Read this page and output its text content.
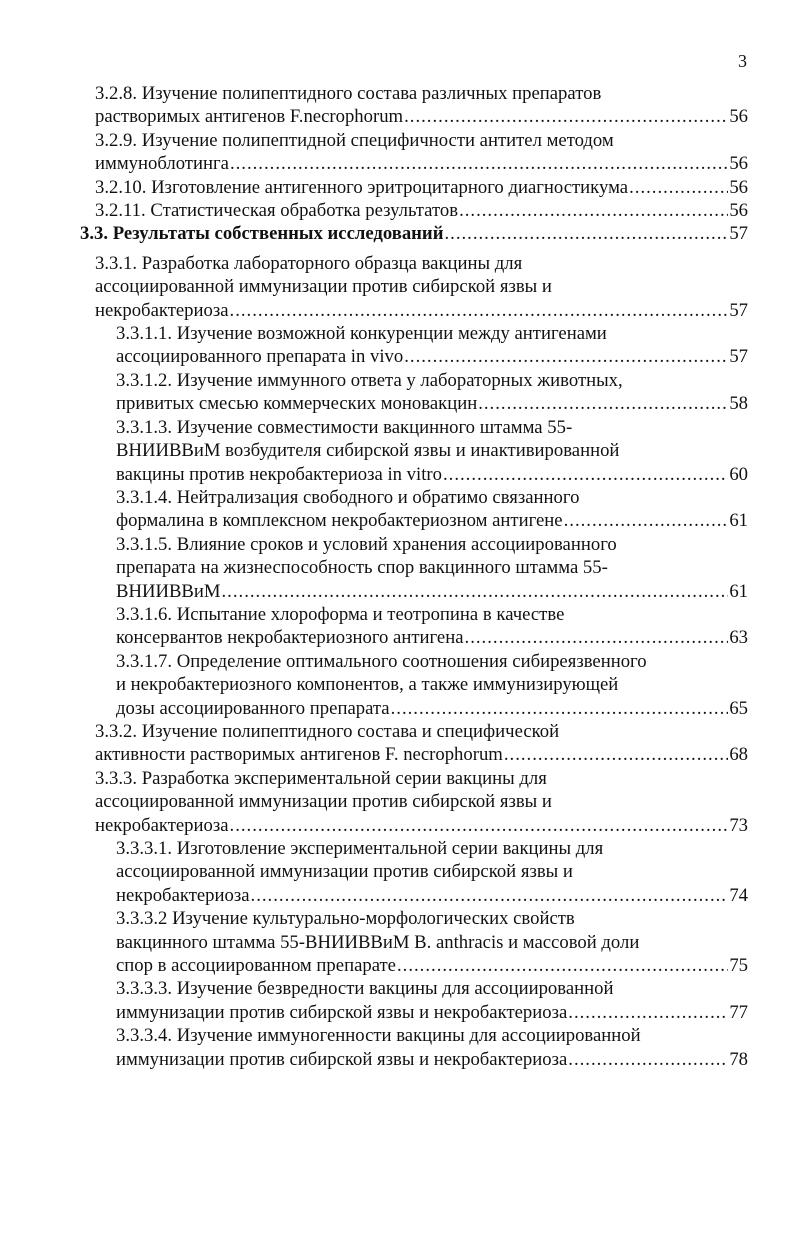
3
3.2.8. Изучение полипептидного состава различных препаратов
растворимых антигенов F.necrophorum .....	56
3.2.9. Изучение полипептидной специфичности антител методом
иммуноблотинга .....	56
3.2.10. Изготовление антигенного эритроцитарного диагностикума .....	56
3.2.11. Статистическая обработка результатов .....	56
3.3. Результаты собственных исследований .....	57
3.3.1. Разработка лабораторного образца вакцины для
ассоциированной иммунизации против сибирской язвы и
некробактериоза .....	57
3.3.1.1. Изучение возможной конкуренции между антигенами
ассоциированного препарата in vivo .....	57
3.3.1.2. Изучение иммунного ответа у лабораторных животных,
привитых смесью коммерческих моновакцин .....	58
3.3.1.3. Изучение совместимости вакцинного штамма 55-
ВНИИВВиМ возбудителя сибирской язвы и инактивированной
вакцины против некробактериоза in vitro .....	60
3.3.1.4. Нейтрализация свободного и обратимо связанного
формалина в комплексном некробактериозном антигене .....	61
3.3.1.5. Влияние сроков и условий хранения ассоциированного
препарата на жизнеспособность спор вакцинного штамма 55-
ВНИИВВиМ .....	61
3.3.1.6. Испытание хлороформа и теотропина в качестве
консервантов некробактериозного антигена .....	63
3.3.1.7. Определение оптимального соотношения сибиреязвенного
и некробактериозного компонентов, а также иммунизирующей
дозы ассоциированного препарата .....	65
3.3.2. Изучение полипептидного состава и специфической
активности растворимых антигенов F. necrophorum .....	68
3.3.3. Разработка экспериментальной серии вакцины для
ассоциированной иммунизации против сибирской язвы и
некробактериоза .....	73
3.3.3.1. Изготовление экспериментальной серии вакцины для
ассоциированной иммунизации против сибирской язвы и
некробактериоза .....	74
3.3.3.2 Изучение культурально-морфологических свойств
вакцинного штамма 55-ВНИИВВиМ B. anthracis и массовой доли
спор в ассоциированном препарате .....	75
3.3.3.3. Изучение безвредности вакцины для ассоциированной
иммунизации против сибирской язвы и некробактериоза .....	77
3.3.3.4. Изучение иммуногенности вакцины для ассоциированной
иммунизации против сибирской язвы и некробактериоза .....	78
